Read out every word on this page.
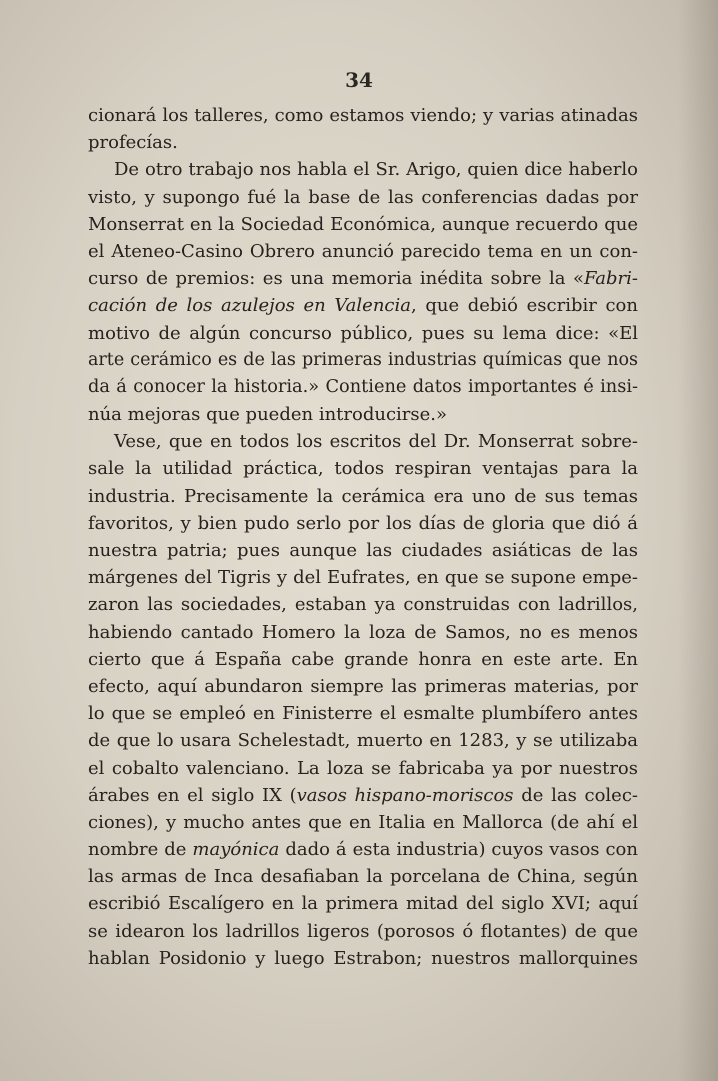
34
cionará los talleres, como estamos viendo; y varias atinadas
profecías.
De otro trabajo nos habla el Sr. Arigo, quien dice haberlo
visto, y supongo fué la base de las conferencias dadas por
Monserrat en la Sociedad Económica, aunque recuerdo que
el Ateneo-Casino Obrero anunció parecido tema en un con-
curso de premios: es una memoria inédita sobre la «Fabri-
cación de los azulejos en Valencia, que debió escribir con
motivo de algún concurso público, pues su lema dice: «El
arte cerámico es de las primeras industrias químicas que nos
da á conocer la historia.» Contiene datos importantes é insi-
núa mejoras que pueden introducirse.»
Vese, que en todos los escritos del Dr. Monserrat sobre-
sale la utilidad práctica, todos respiran ventajas para la
industria. Precisamente la cerámica era uno de sus temas
favoritos, y bien pudo serlo por los días de gloria que dió á
nuestra patria; pues aunque las ciudades asiáticas de las
márgenes del Tigris y del Eufrates, en que se supone empe-
zaron las sociedades, estaban ya construidas con ladrillos,
habiendo cantado Homero la loza de Samos, no es menos
cierto que á España cabe grande honra en este arte. En
efecto, aquí abundaron siempre las primeras materias, por
lo que se empleó en Finisterre el esmalte plumbífero antes
de que lo usara Schelestadt, muerto en 1283, y se utilizaba
el cobalto valenciano. La loza se fabricaba ya por nuestros
árabes en el siglo IX (vasos hispano-moriscos de las colec-
ciones), y mucho antes que en Italia en Mallorca (de ahí el
nombre de mayónica dado á esta industria) cuyos vasos con
las armas de Inca desafiaban la porcelana de China, según
escribió Escalígero en la primera mitad del siglo XVI; aquí
se idearon los ladrillos ligeros (porosos ó flotantes) de que
hablan Posidonio y luego Estrabon; nuestros mallorquines
